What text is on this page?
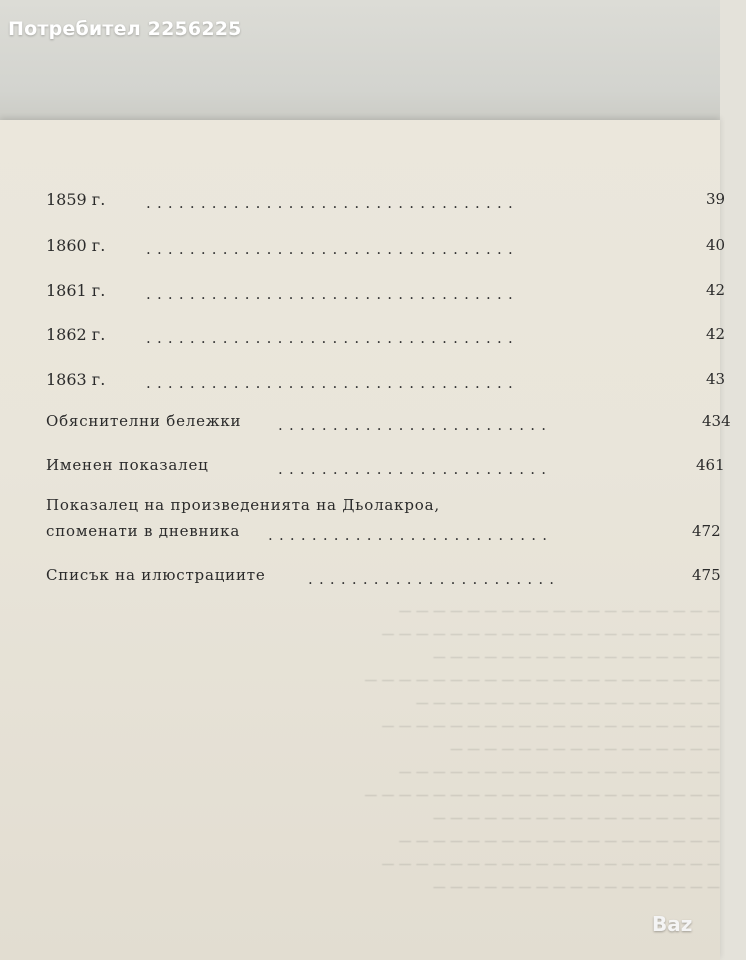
— — — — — — — — — — — — — — — — — — —
— — — — — — — — — — — — — — — — — — — —
— — — — — — — — — — — — — — — — —
— — — — — — — — — — — — — — — — — — — — —
— — — — — — — — — — — — — — — — — —
— — — — — — — — — — — — — — — — — — — —
— — — — — — — — — — — — — — — —
— — — — — — — — — — — — — — — — — — —
— — — — — — — — — — — — — — — — — — — — —
— — — — — — — — — — — — — — — — —
— — — — — — — — — — — — — — — — — — —
— — — — — — — — — — — — — — — — — — — —
— — — — — — — — — — — — — — — — —
Потребител 2256225
1859 г.	..................................	39
1860 г.	..................................	40
1861 г.	..................................	42
1862 г.	..................................	42
1863 г.	..................................	43
Обяснителни бележки .........................	434
Именен показалец	.........................	461
Показалец на произведенията на Дьолакроа,
споменати в дневника ..........................	472
Списък на илюстрациите	.......................	475
Baz
